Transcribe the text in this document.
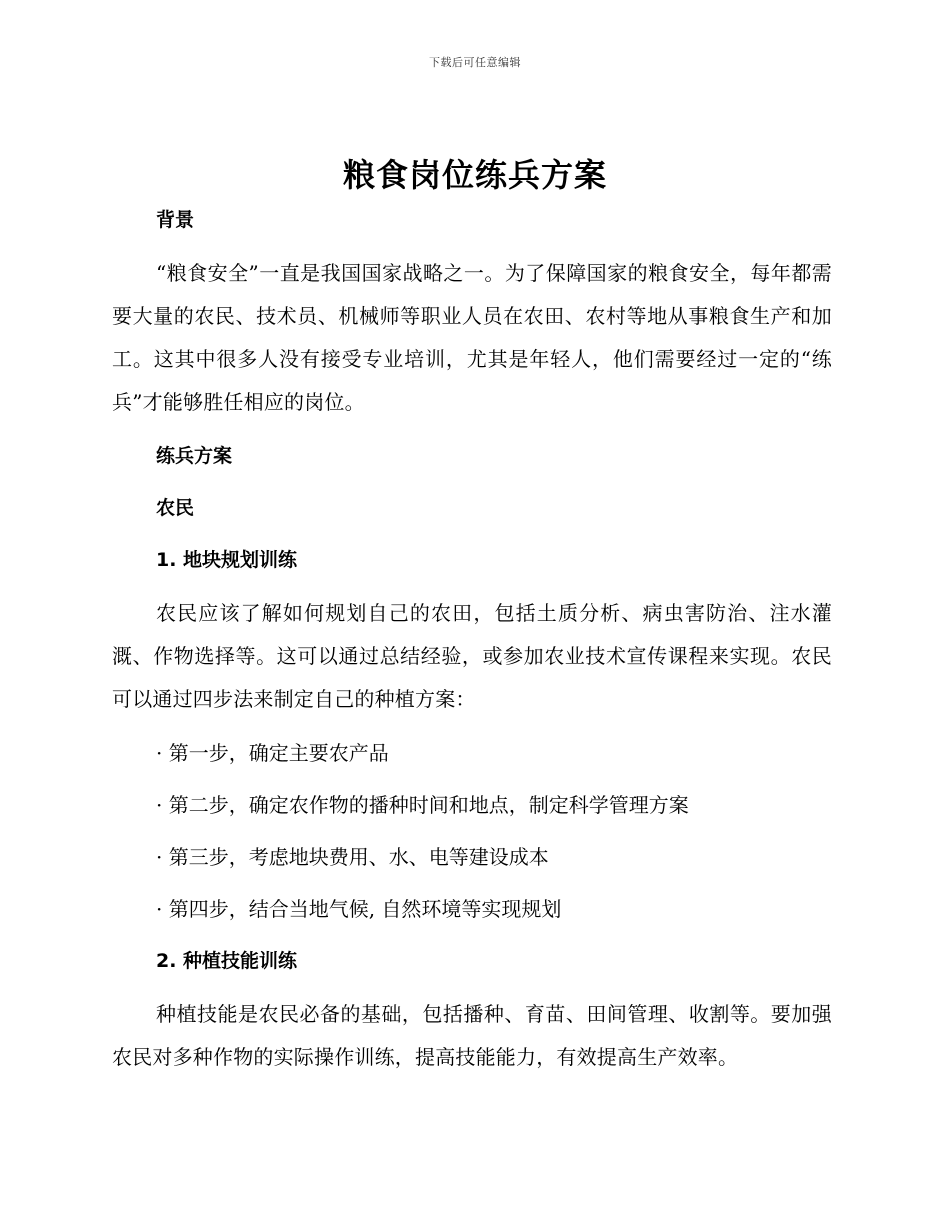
下载后可任意编辑
粮食岗位练兵方案

背景

“粮食安全”一直是我国国家战略之一。为了保障国家的粮食安全，每年都需要大量的农民、技术员、机械师等职业人员在农田、农村等地从事粮食生产和加工。这其中很多人没有接受专业培训，尤其是年轻人，他们需要经过一定的“练兵”才能够胜任相应的岗位。

练兵方案

农民

1. 地块规划训练

农民应该了解如何规划自己的农田，包括土质分析、病虫害防治、注水灌溉、作物选择等。这可以通过总结经验，或参加农业技术宣传课程来实现。农民可以通过四步法来制定自己的种植方案：

· 第一步，确定主要农产品

· 第二步，确定农作物的播种时间和地点，制定科学管理方案

· 第三步，考虑地块费用、水、电等建设成本

· 第四步，结合当地气候, 自然环境等实现规划

2. 种植技能训练

种植技能是农民必备的基础，包括播种、育苗、田间管理、收割等。要加强农民对多种作物的实际操作训练，提高技能能力，有效提高生产效率。
